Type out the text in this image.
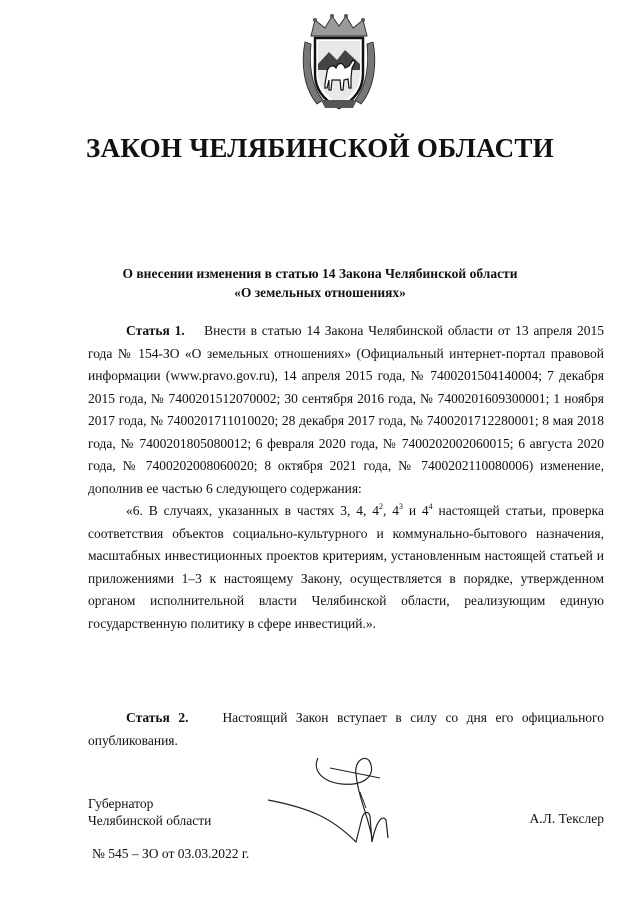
ЗАКОН ЧЕЛЯБИНСКОЙ ОБЛАСТИ
О внесении изменения в статью 14 Закона Челябинской области
«О земельных отношениях»

Статья 1. Внести в статью 14 Закона Челябинской области от 13 апреля 2015 года № 154-ЗО «О земельных отношениях» (Официальный интернет-портал правовой информации (www.pravo.gov.ru), 14 апреля 2015 года, № 7400201504140004; 7 декабря 2015 года, № 7400201512070002; 30 сентября 2016 года, № 7400201609300001; 1 ноября 2017 года, № 7400201711010020; 28 декабря 2017 года, № 7400201712280001; 8 мая 2018 года, № 7400201805080012; 6 февраля 2020 года, № 7400202002060015; 6 августа 2020 года, № 7400202008060020; 8 октября 2021 года, № 7400202110080006) изменение, дополнив ее частью 6 следующего содержания:

«6. В случаях, указанных в частях 3, 4, $4^2$, $4^3$ и $4^4$ настоящей статьи, проверка соответствия объектов социально-культурного и коммунально-бытового назначения, масштабных инвестиционных проектов критериям, установленным настоящей статьей и приложениями 1–3 к настоящему Закону, осуществляется в порядке, утвержденном органом исполнительной власти Челябинской области, реализующим единую государственную политику в сфере инвестиций.».

Статья 2.	Настоящий Закон вступает в силу со дня его официального опубликования.

Губернатор
Челябинской области	А.Л. Текслер
№ 545 – ЗО от 03.03.2022 г.
